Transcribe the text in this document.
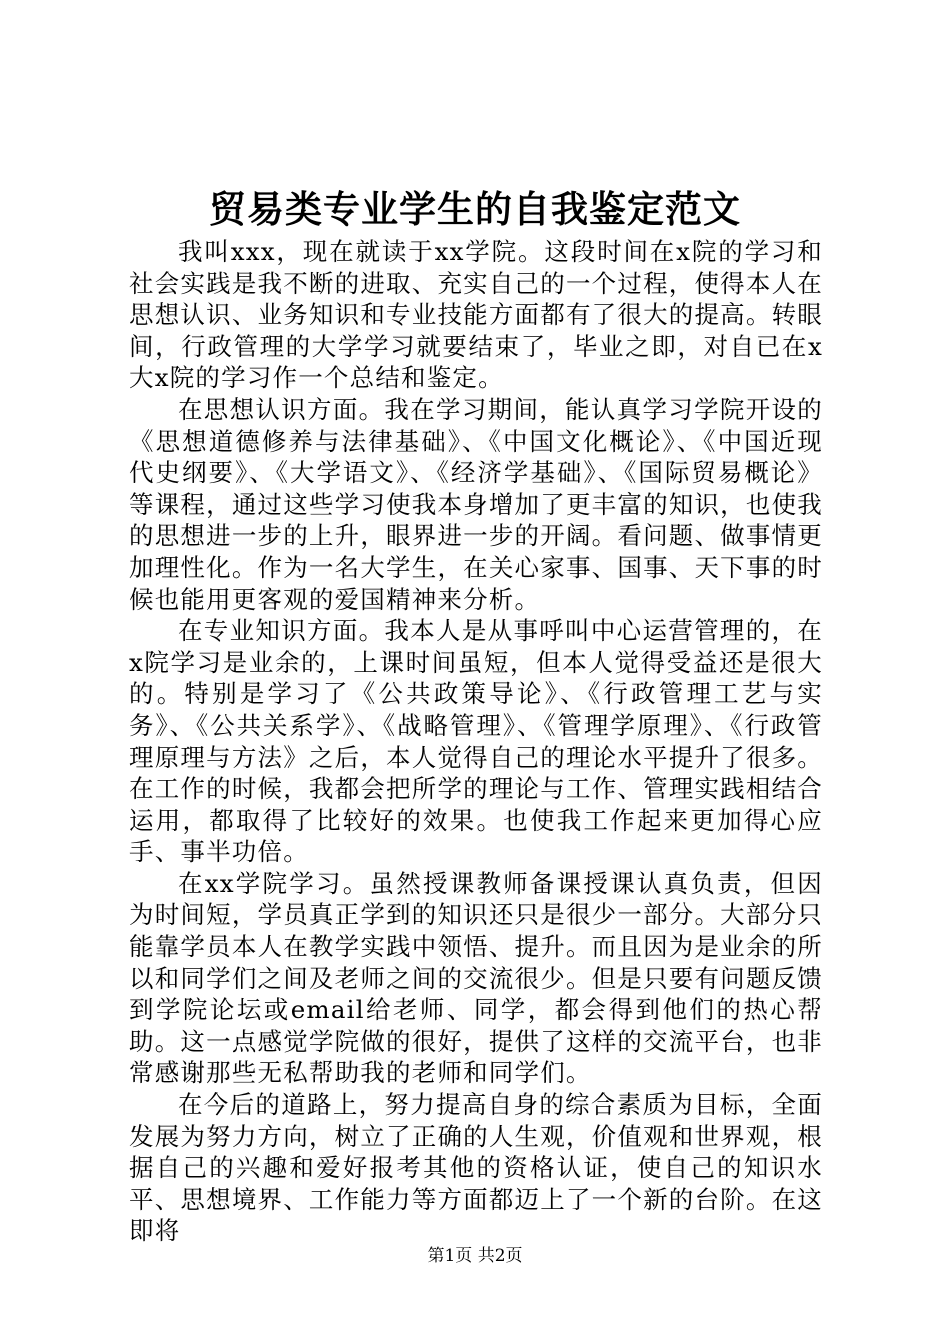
贸易类专业学生的自我鉴定范文

我叫xxx，现在就读于xx学院。这段时间在x院的学习和社会实践是我不断的进取、充实自己的一个过程，使得本人在思想认识、业务知识和专业技能方面都有了很大的提高。转眼间，行政管理的大学学习就要结束了，毕业之即，对自已在x大x院的学习作一个总结和鉴定。

在思想认识方面。我在学习期间，能认真学习学院开设的《思想道德修养与法律基础》、《中国文化概论》、《中国近现代史纲要》、《大学语文》、《经济学基础》、《国际贸易概论》等课程，通过这些学习使我本身增加了更丰富的知识，也使我的思想进一步的上升，眼界进一步的开阔。看问题、做事情更加理性化。作为一名大学生，在关心家事、国事、天下事的时候也能用更客观的爱国精神来分析。

在专业知识方面。我本人是从事呼叫中心运营管理的，在x院学习是业余的，上课时间虽短，但本人觉得受益还是很大的。特别是学习了《公共政策导论》、《行政管理工艺与实务》、《公共关系学》、《战略管理》、《管理学原理》、《行政管理原理与方法》之后，本人觉得自己的理论水平提升了很多。在工作的时候，我都会把所学的理论与工作、管理实践相结合运用，都取得了比较好的效果。也使我工作起来更加得心应手、事半功倍。

在xx学院学习。虽然授课教师备课授课认真负责，但因为时间短，学员真正学到的知识还只是很少一部分。大部分只能靠学员本人在教学实践中领悟、提升。而且因为是业余的所以和同学们之间及老师之间的交流很少。但是只要有问题反馈到学院论坛或email给老师、同学，都会得到他们的热心帮助。这一点感觉学院做的很好，提供了这样的交流平台，也非常感谢那些无私帮助我的老师和同学们。

在今后的道路上，努力提高自身的综合素质为目标，全面发展为努力方向，树立了正确的人生观，价值观和世界观，根据自己的兴趣和爱好报考其他的资格认证，使自己的知识水平、思想境界、工作能力等方面都迈上了一个新的台阶。在这即将

第1页 共2页
